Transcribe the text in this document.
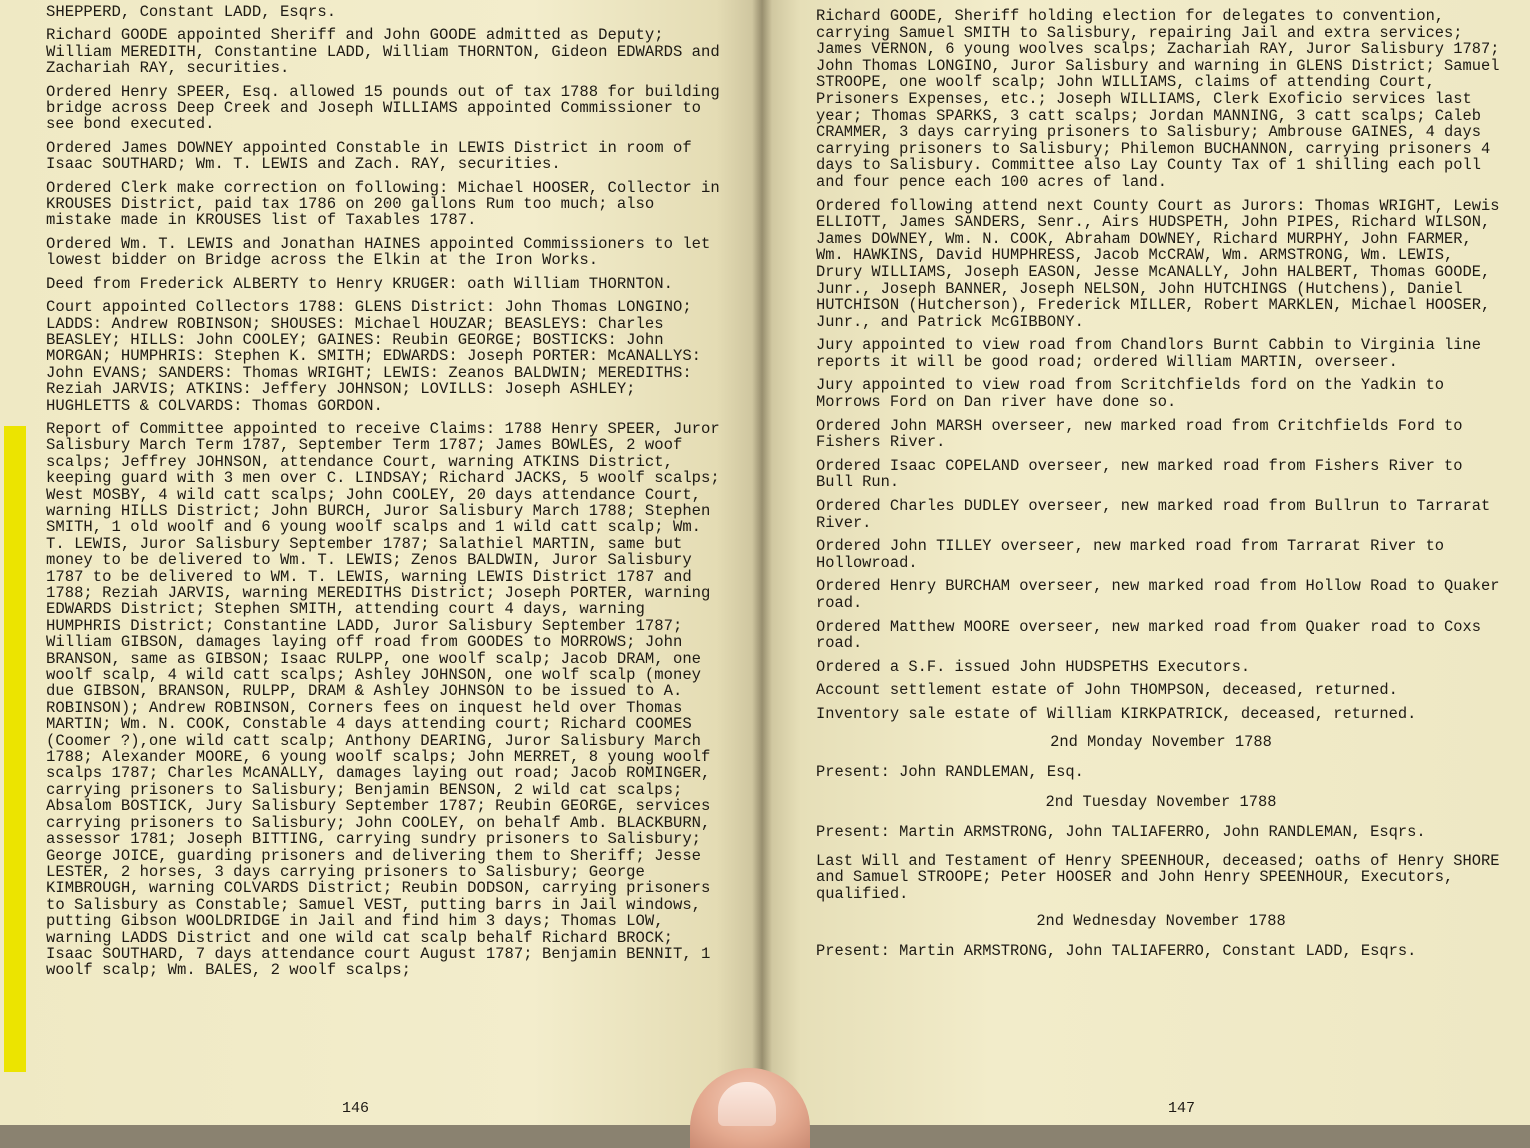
SHEPPERD, Constant LADD, Esqrs.

Richard GOODE appointed Sheriff and John GOODE admitted as Deputy; William MEREDITH, Constantine LADD, William THORNTON, Gideon EDWARDS and Zachariah RAY, securities.

Ordered Henry SPEER, Esq. allowed 15 pounds out of tax 1788 for building bridge across Deep Creek and Joseph WILLIAMS appointed Commissioner to see bond executed.

Ordered James DOWNEY appointed Constable in LEWIS District in room of Isaac SOUTHARD; Wm. T. LEWIS and Zach. RAY, securities.

Ordered Clerk make correction on following: Michael HOOSER, Collector in KROUSES District, paid tax 1786 on 200 gallons Rum too much; also mistake made in KROUSES list of Taxables 1787.

Ordered Wm. T. LEWIS and Jonathan HAINES appointed Commissioners to let lowest bidder on Bridge across the Elkin at the Iron Works.

Deed from Frederick ALBERTY to Henry KRUGER: oath William THORNTON.

Court appointed Collectors 1788: GLENS District: John Thomas LONGINO; LADDS: Andrew ROBINSON; SHOUSES: Michael HOUZAR; BEASLEYS: Charles BEASLEY; HILLS: John COOLEY; GAINES: Reubin GEORGE; BOSTICKS: John MORGAN; HUMPHRIS: Stephen K. SMITH; EDWARDS: Joseph PORTER: McANALLYS: John EVANS; SANDERS: Thomas WRIGHT; LEWIS: Zeanos BALDWIN; MEREDITHS: Reziah JARVIS; ATKINS: Jeffery JOHNSON; LOVILLS: Joseph ASHLEY; HUGHLETTS & COLVARDS: Thomas GORDON.

Report of Committee appointed to receive Claims: 1788 Henry SPEER, Juror Salisbury March Term 1787, September Term 1787; James BOWLES, 2 woof scalps; Jeffrey JOHNSON, attendance Court, warning ATKINS District, keeping guard with 3 men over C. LINDSAY; Richard JACKS, 5 woolf scalps; West MOSBY, 4 wild catt scalps; John COOLEY, 20 days attendance Court, warning HILLS District; John BURCH, Juror Salisbury March 1788; Stephen SMITH, 1 old woolf and 6 young woolf scalps and 1 wild catt scalp; Wm. T. LEWIS, Juror Salisbury September 1787; Salathiel MARTIN, same but money to be delivered to Wm. T. LEWIS; Zenos BALDWIN, Juror Salisbury 1787 to be delivered to WM. T. LEWIS, warning LEWIS District 1787 and 1788; Reziah JARVIS, warning MEREDITHS District; Joseph PORTER, warning EDWARDS District; Stephen SMITH, attending court 4 days, warning HUMPHRIS District; Constantine LADD, Juror Salisbury September 1787; William GIBSON, damages laying off road from GOODES to MORROWS; John BRANSON, same as GIBSON; Isaac RULPP, one woolf scalp; Jacob DRAM, one woolf scalp, 4 wild catt scalps; Ashley JOHNSON, one wolf scalp (money due GIBSON, BRANSON, RULPP, DRAM & Ashley JOHNSON to be issued to A. ROBINSON); Andrew ROBINSON, Corners fees on inquest held over Thomas MARTIN; Wm. N. COOK, Constable 4 days attending court; Richard COOMES (Coomer ?),one wild catt scalp; Anthony DEARING, Juror Salisbury March 1788; Alexander MOORE, 6 young woolf scalps; John MERRET, 8 young woolf scalps 1787; Charles McANALLY, damages laying out road; Jacob ROMINGER, carrying prisoners to Salisbury; Benjamin BENSON, 2 wild cat scalps; Absalom BOSTICK, Jury Salisbury September 1787; Reubin GEORGE, services carrying prisoners to Salisbury; John COOLEY, on behalf Amb. BLACKBURN, assessor 1781; Joseph BITTING, carrying sundry prisoners to Salisbury; George JOICE, guarding prisoners and delivering them to Sheriff; Jesse LESTER, 2 horses, 3 days carrying prisoners to Salisbury; George KIMBROUGH, warning COLVARDS District; Reubin DODSON, carrying prisoners to Salisbury as Constable; Samuel VEST, putting barrs in Jail windows, putting Gibson WOOLDRIDGE in Jail and find him 3 days; Thomas LOW, warning LADDS District and one wild cat scalp behalf Richard BROCK; Isaac SOUTHARD, 7 days attendance court August 1787; Benjamin BENNIT, 1 woolf scalp; Wm. BALES, 2 woolf scalps;

146

Richard GOODE, Sheriff holding election for delegates to convention, carrying Samuel SMITH to Salisbury, repairing Jail and extra services; James VERNON, 6 young woolves scalps; Zachariah RAY, Juror Salisbury 1787; John Thomas LONGINO, Juror Salisbury and warning in GLENS District; Samuel STROOPE, one woolf scalp; John WILLIAMS, claims of attending Court, Prisoners Expenses, etc.; Joseph WILLIAMS, Clerk Exoficio services last year; Thomas SPARKS, 3 catt scalps; Jordan MANNING, 3 catt scalps; Caleb CRAMMER, 3 days carrying prisoners to Salisbury; Ambrouse GAINES, 4 days carrying prisoners to Salisbury; Philemon BUCHANNON, carrying prisoners 4 days to Salisbury. Committee also Lay County Tax of 1 shilling each poll and four pence each 100 acres of land.

Ordered following attend next County Court as Jurors: Thomas WRIGHT, Lewis ELLIOTT, James SANDERS, Senr., Airs HUDSPETH, John PIPES, Richard WILSON, James DOWNEY, Wm. N. COOK, Abraham DOWNEY, Richard MURPHY, John FARMER, Wm. HAWKINS, David HUMPHRESS, Jacob McCRAW, Wm. ARMSTRONG, Wm. LEWIS, Drury WILLIAMS, Joseph EASON, Jesse McANALLY, John HALBERT, Thomas GOODE, Junr., Joseph BANNER, Joseph NELSON, John HUTCHINGS (Hutchens), Daniel HUTCHISON (Hutcherson), Frederick MILLER, Robert MARKLEN, Michael HOOSER, Junr., and Patrick McGIBBONY.

Jury appointed to view road from Chandlors Burnt Cabbin to Virginia line reports it will be good road; ordered William MARTIN, overseer.

Jury appointed to view road from Scritchfields ford on the Yadkin to Morrows Ford on Dan river have done so.

Ordered John MARSH overseer, new marked road from Critchfields Ford to Fishers River.

Ordered Isaac COPELAND overseer, new marked road from Fishers River to Bull Run.

Ordered Charles DUDLEY overseer, new marked road from Bullrun to Tarrarat River.

Ordered John TILLEY overseer, new marked road from Tarrarat River to Hollowroad.

Ordered Henry BURCHAM overseer, new marked road from Hollow Road to Quaker road.

Ordered Matthew MOORE overseer, new marked road from Quaker road to Coxs road.

Ordered a S.F. issued John HUDSPETHS Executors.

Account settlement estate of John THOMPSON, deceased, returned.

Inventory sale estate of William KIRKPATRICK, deceased, returned.

2nd Monday November 1788
Present: John RANDLEMAN, Esq.
2nd Tuesday November 1788
Present: Martin ARMSTRONG, John TALIAFERRO, John RANDLEMAN, Esqrs.

Last Will and Testament of Henry SPEENHOUR, deceased; oaths of Henry SHORE and Samuel STROOPE; Peter HOOSER and John Henry SPEENHOUR, Executors, qualified.

2nd Wednesday November 1788
Present: Martin ARMSTRONG, John TALIAFERRO, Constant LADD, Esqrs.
147
